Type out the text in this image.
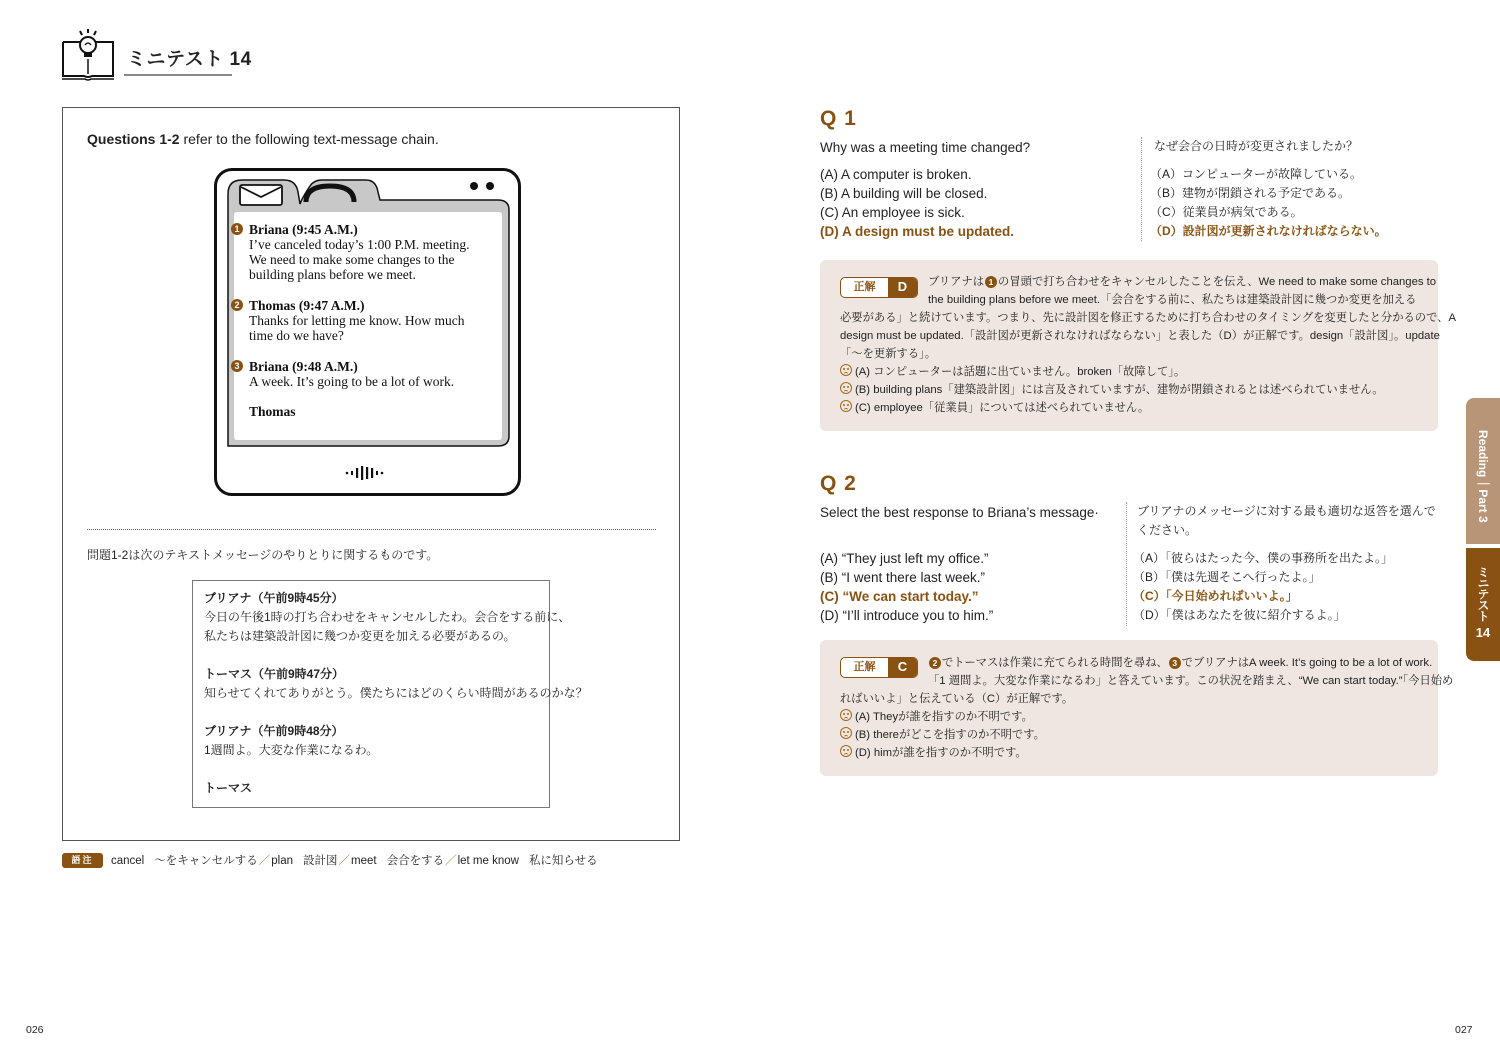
ミニテスト 14
Questions 1-2 refer to the following text-message chain.
1 Briana (9:45 A.M.)
I’ve canceled today’s 1:00 P.M. meeting.
We need to make some changes to the
building plans before we meet.
2 Thomas (9:47 A.M.)
Thanks for letting me know. How much
time do we have?
3 Briana (9:48 A.M.)
A week. It’s going to be a lot of work.
Thomas
問題1-2は次のテキストメッセージのやりとりに関するものです。
ブリアナ（午前9時45分）
今日の午後1時の打ち合わせをキャンセルしたわ。会合をする前に、
私たちは建築設計図に幾つか変更を加える必要があるの。
トーマス（午前9時47分）
知らせてくれてありがとう。僕たちにはどのくらい時間があるのかな？
ブリアナ（午前9時48分）
1週間よ。大変な作業になるわ。
トーマス
語注	cancel ～をキャンセルする／plan 設計図／meet 会合をする／let me know 私に知らせる
026	027
Q 1
Why was a meeting time changed?
(A) A computer is broken.
(B) A building will be closed.
(C) An employee is sick.
(D) A design must be updated.
なぜ会合の日時が変更されましたか？
（A）コンピューターが故障している。
（B）建物が閉鎖される予定である。
（C）従業員が病気である。
（D）設計図が更新されなければならない。
正解	D	ブリアナは 1 の冒頭で打ち合わせをキャンセルしたことを伝え、We need to make some changes to
the building plans before we meet.「会合をする前に、私たちは建築設計図に幾つか変更を加える
必要がある」と続けています。つまり、先に設計図を修正するために打ち合わせのタイミングを変更したと分かるので、A
design must be updated.「設計図が更新されなければならない」と表した（D）が正解です。design「設計図」。update
「～を更新する」。
(A) コンピューターは話題に出ていません。broken「故障して」。
(B) building plans「建築設計図」には言及されていますが、建物が閉鎖されるとは述べられていません。
(C) employee「従業員」については述べられていません。
Q 2
Select the best response to Briana’s message·
(A) “They just left my office.”
(B) “I went there last week.”
(C) “We can start today.”
(D) “I’ll introduce you to him.”
ブリアナのメッセージに対する最も適切な返答を選んでください。
（A）「彼らはたった今、僕の事務所を出たよ。」
（B）「僕は先週そこへ行ったよ。」
（C）「今日始めればいいよ。」
（D）「僕はあなたを彼に紹介するよ。」
正解	C	2 でトーマスは作業に充てられる時間を尋ね、 3 でブリアナはA week. It’s going to be a lot of work.
「1 週間よ。大変な作業になるわ」と答えています。この状況を踏まえ、“We can start today.”「今日始め
ればいいよ」と伝えている（C）が正解です。
(A) Theyが誰を指すのか不明です。
(B) thereがどこを指すのか不明です。
(D) himが誰を指すのか不明です。
Reading｜Part 3
ミニテスト
14
